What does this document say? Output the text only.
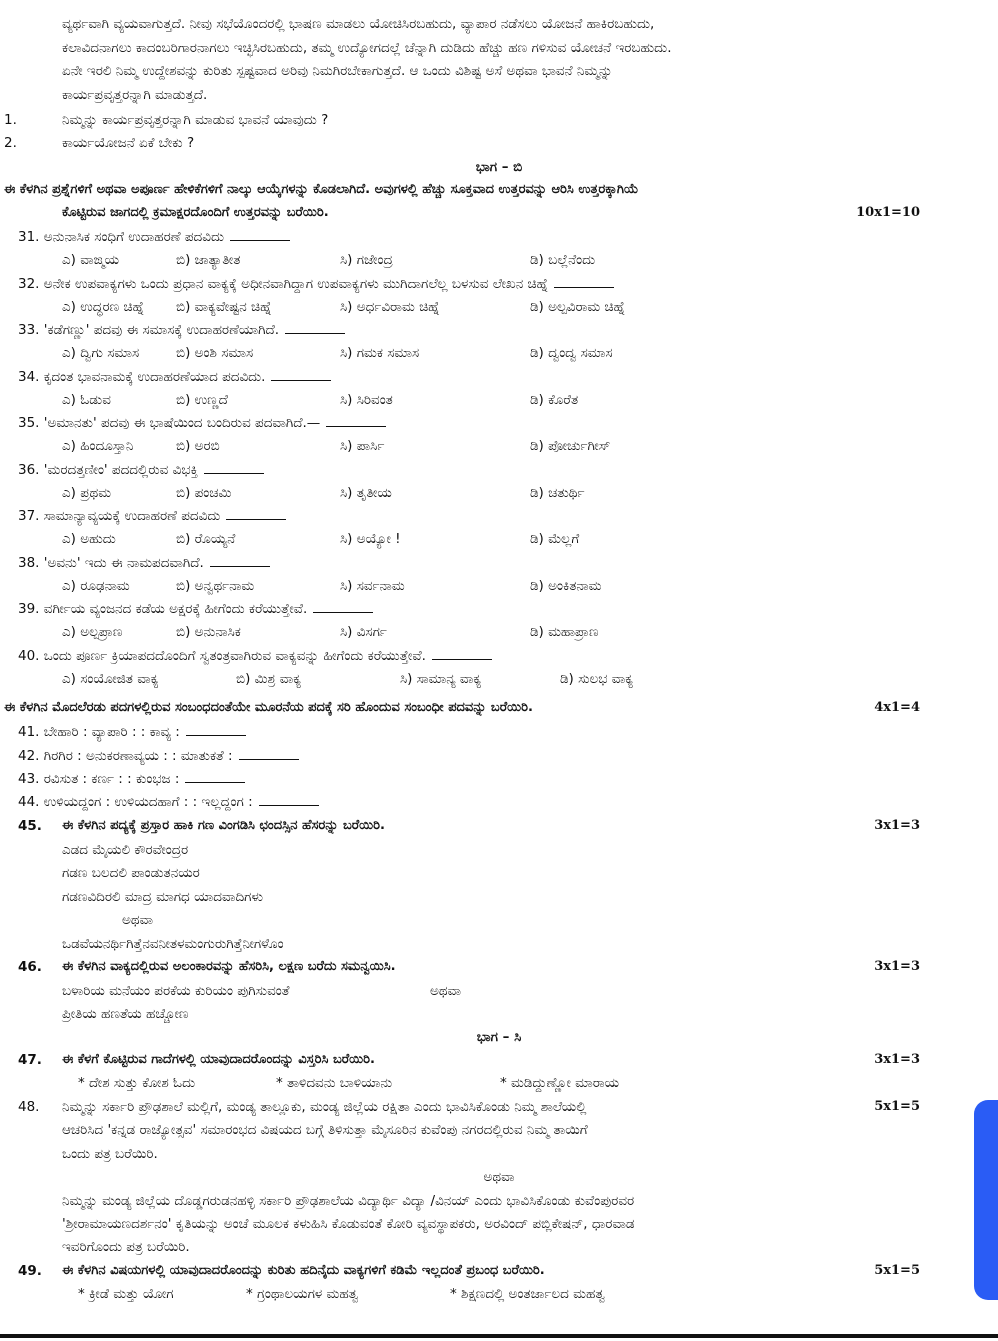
ವ್ಯರ್ಥವಾಗಿ ವ್ಯಯವಾಗುತ್ತದೆ. ನೀವು ಸಭೆಯೊಂದರಲ್ಲಿ ಭಾಷಣ ಮಾಡಲು ಯೋಚಿಸಿರಬಹುದು, ವ್ಯಾಪಾರ ನಡೆಸಲು ಯೋಜನೆ ಹಾಕಿರಬಹುದು,
ಕಲಾವಿದನಾಗಲು ಕಾದಂಬರಿಗಾರನಾಗಲು ಇಚ್ಛಿಸಿರಬಹುದು, ತಮ್ಮ ಉದ್ಯೋಗದಲ್ಲೆ ಚೆನ್ನಾಗಿ ದುಡಿದು ಹೆಚ್ಚು ಹಣ ಗಳಿಸುವ ಯೋಚನೆ ಇರಬಹುದು.
ಏನೇ ಇರಲಿ ನಿಮ್ಮ ಉದ್ದೇಶವನ್ನು ಕುರಿತು ಸ್ಪಷ್ಟವಾದ ಅರಿವು ನಿಮಗಿರಬೇಕಾಗುತ್ತದೆ. ಆ ಒಂದು ವಿಶಿಷ್ಟ ಅಸೆ ಅಥವಾ ಭಾವನೆ ನಿಮ್ಮನ್ನು
ಕಾರ್ಯಪ್ರವೃತ್ತರನ್ನಾಗಿ ಮಾಡುತ್ತದೆ.
1.	ನಿಮ್ಮನ್ನು ಕಾರ್ಯಪ್ರವೃತ್ತರನ್ನಾಗಿ ಮಾಡುವ ಭಾವನೆ ಯಾವುದು ?
2.	ಕಾರ್ಯಯೋಜನೆ ಏಕೆ ಬೇಕು ?
ಭಾಗ – ಬಿ
ಈ ಕೆಳಗಿನ ಪ್ರಶ್ನೆಗಳಿಗೆ ಅಥವಾ ಅಪೂರ್ಣ ಹೇಳಿಕೆಗಳಿಗೆ ನಾಲ್ಕು ಆಯ್ಕೆಗಳನ್ನು ಕೊಡಲಾಗಿದೆ. ಅವುಗಳಲ್ಲಿ ಹೆಚ್ಚು ಸೂಕ್ತವಾದ ಉತ್ತರವನ್ನು ಆರಿಸಿ ಉತ್ತರಕ್ಕಾಗಿಯೆ
ಕೊಟ್ಟಿರುವ ಜಾಗದಲ್ಲಿ ಕ್ರಮಾಕ್ಷರದೊಂದಿಗೆ ಉತ್ತರವನ್ನು ಬರೆಯಿರಿ.	10x1=10
31. ಅನುನಾಸಿಕ ಸಂಧಿಗೆ ಉದಾಹರಣೆ ಪದವಿದು
ಎ) ವಾಙ್ಮಯ	ಬಿ) ಜಾತ್ಯಾತೀತ	ಸಿ) ಗಜೇಂದ್ರ	ಡಿ) ಬಲ್ಲೆನೆಂದು
32. ಅನೇಕ ಉಪವಾಕ್ಯಗಳು ಒಂದು ಪ್ರಧಾನ ವಾಕ್ಯಕ್ಕೆ ಅಧೀನವಾಗಿದ್ದಾಗ ಉಪವಾಕ್ಯಗಳು ಮುಗಿದಾಗಲೆಲ್ಲ ಬಳಸುವ ಲೇಖನ ಚಿಹ್ನೆ
ಎ) ಉದ್ಧರಣ ಚಿಹ್ನೆ ಬಿ) ವಾಕ್ಯವೇಷ್ಟನ ಚಿಹ್ನೆ	ಸಿ) ಅರ್ಧವಿರಾಮ ಚಿಹ್ನೆ	ಡಿ) ಅಲ್ಪವಿರಾಮ ಚಿಹ್ನೆ
33. 'ಕಡೆಗಣ್ಣು' ಪದವು ಈ ಸಮಾಸಕ್ಕೆ ಉದಾಹರಣೆಯಾಗಿದೆ.
ಎ) ದ್ವಿಗು ಸಮಾಸ	ಬಿ) ಅಂಶಿ ಸಮಾಸ	ಸಿ) ಗಮಕ ಸಮಾಸ	ಡಿ) ದ್ವಂದ್ವ ಸಮಾಸ
34. ಕೃದಂತ ಭಾವನಾಮಕ್ಕೆ ಉದಾಹರಣೆಯಾದ ಪದವಿದು.
ಎ) ಓಡುವ	ಬಿ) ಉಣ್ಣದೆ	ಸಿ) ಸಿರಿವಂತ	ಡಿ) ಕೊರೆತ
35. 'ಅಮಾನತು' ಪದವು ಈ ಭಾಷೆಯಿಂದ ಬಂದಿರುವ ಪದವಾಗಿದೆ.—
ಎ) ಹಿಂದೂಸ್ತಾನಿ	ಬಿ) ಅರಬಿ	ಸಿ) ಪಾರ್ಸಿ	ಡಿ) ಪೋರ್ಚುಗೀಸ್
36. 'ಮರದತ್ತಣೀಂ' ಪದದಲ್ಲಿರುವ ವಿಭಕ್ತಿ
ಎ) ಪ್ರಥಮ	ಬಿ) ಪಂಚಮಿ	ಸಿ) ತೃತೀಯ	ಡಿ) ಚತುರ್ಥಿ
37. ಸಾಮಾನ್ಯಾವ್ಯಯಕ್ಕೆ ಉದಾಹರಣೆ ಪದವಿದು
ಎ) ಅಹುದು	ಬಿ) ರೊಯ್ಯನೆ	ಸಿ) ಅಯ್ಯೋ !	ಡಿ) ಮೆಲ್ಲಗೆ
38. 'ಅವನು' ಇದು ಈ ನಾಮಪದವಾಗಿದೆ.
ಎ) ರೂಢನಾಮ	ಬಿ) ಅನ್ವರ್ಥನಾಮ	ಸಿ) ಸರ್ವನಾಮ	ಡಿ) ಅಂಕಿತನಾಮ
39. ವರ್ಗೀಯ ವ್ಯಂಜನದ ಕಡೆಯ ಅಕ್ಷರಕ್ಕೆ ಹೀಗೆಂದು ಕರೆಯುತ್ತೇವೆ.
ಎ) ಅಲ್ಪಪ್ರಾಣ	ಬಿ) ಅನುನಾಸಿಕ	ಸಿ) ವಿಸರ್ಗ	ಡಿ) ಮಹಾಪ್ರಾಣ
40. ಒಂದು ಪೂರ್ಣ ಕ್ರಿಯಾಪದದೊಂದಿಗೆ ಸ್ವತಂತ್ರವಾಗಿರುವ ವಾಕ್ಯವನ್ನು ಹೀಗೆಂದು ಕರೆಯುತ್ತೇವೆ.
ಎ) ಸಂಯೋಜಿತ ವಾಕ್ಯ	ಬಿ) ಮಿಶ್ರ ವಾಕ್ಯ	ಸಿ) ಸಾಮಾನ್ಯ ವಾಕ್ಯ	ಡಿ) ಸುಲಭ ವಾಕ್ಯ
ಈ ಕೆಳಗಿನ ಮೊದಲೆರಡು ಪದಗಳಲ್ಲಿರುವ ಸಂಬಂಧದಂತೆಯೇ ಮೂರನೆಯ ಪದಕ್ಕೆ ಸರಿ ಹೊಂದುವ ಸಂಬಂಧೀ ಪದವನ್ನು ಬರೆಯಿರಿ.	4x1=4
41. ಬೇಹಾರಿ : ವ್ಯಾಪಾರಿ : : ಕಾವ್ಯ :
42. ಗಿರಗಿರ : ಅನುಕರಣಾವ್ಯಯ : : ಮಾತುಕತೆ :
43. ರವಿಸುತ : ಕರ್ಣ : : ಕುಂಭಜ :
44. ಉಳಿಯದ್ದಂಗ : ಉಳಿಯದಹಾಗೆ : : ಇಲ್ಲದ್ದಂಗ :
45. ಈ ಕೆಳಗಿನ ಪದ್ಯಕ್ಕೆ ಪ್ರಸ್ತಾರ ಹಾಕಿ ಗಣ ವಿಂಗಡಿಸಿ ಛಂದಸ್ಸಿನ ಹೆಸರನ್ನು ಬರೆಯಿರಿ.	3x1=3
ಎಡದ ಮೈಯಲಿ ಕೌರವೇಂದ್ರರ
ಗಡಣ ಬಲದಲಿ ಪಾಂಡುತನಯರ
ಗಡಣವಿದಿರಲಿ ಮಾದ್ರ ಮಾಗಧ ಯಾದವಾದಿಗಳು
ಅಥವಾ
ಒಡವೆಯನರ್ಥಿಗಿತ್ತೆನವನೀತಳಮಂಗುರುಗಿತ್ತೆನೀಗಳೊಂ
46. ಈ ಕೆಳಗಿನ ವಾಕ್ಯದಲ್ಲಿರುವ ಅಲಂಕಾರವನ್ನು ಹೆಸರಿಸಿ, ಲಕ್ಷಣ ಬರೆದು ಸಮನ್ವಯಿಸಿ.	3x1=3
ಬಳಾರಿಯ ಮನೆಯಂ ಪರಕೆಯ ಕುರಿಯಂ ಪುಗಿಸುವಂತೆ	ಅಥವಾ
ಪ್ರೀತಿಯ ಹಣತೆಯ ಹಚ್ಚೋಣ
ಭಾಗ – ಸಿ
47. ಈ ಕೆಳಗೆ ಕೊಟ್ಟಿರುವ ಗಾದೆಗಳಲ್ಲಿ ಯಾವುದಾದರೊಂದನ್ನು ವಿಸ್ತರಿಸಿ ಬರೆಯಿರಿ.	3x1=3
* ದೇಶ ಸುತ್ತು ಕೋಶ ಓದು	* ತಾಳಿದವನು ಬಾಳಿಯಾನು	* ಮಡಿದ್ದುಣ್ಣೋ ಮಾರಾಯ
48. ನಿಮ್ಮನ್ನು ಸರ್ಕಾರಿ ಪ್ರೌಢಶಾಲೆ ಮಲ್ಲಿಗೆ, ಮಂಡ್ಯ ತಾಲ್ಲೂಕು, ಮಂಡ್ಯ ಜಿಲ್ಲೆಯ ರಕ್ಷಿತಾ ಎಂದು ಭಾವಿಸಿಕೊಂಡು ನಿಮ್ಮ ಶಾಲೆಯಲ್ಲಿ	5x1=5
ಆಚರಿಸಿದ 'ಕನ್ನಡ ರಾಜ್ಯೋತ್ಸವ' ಸಮಾರಂಭದ ವಿಷಯದ ಬಗ್ಗೆ ತಿಳಿಸುತ್ತಾ ಮೈಸೂರಿನ ಕುವೆಂಪು ನಗರದಲ್ಲಿರುವ ನಿಮ್ಮ ತಾಯಿಗೆ
ಒಂದು ಪತ್ರ ಬರೆಯಿರಿ.
ಅಥವಾ
ನಿಮ್ಮನ್ನು ಮಂಡ್ಯ ಜಿಲ್ಲೆಯ ದೊಡ್ಡಗರುಡನಹಳ್ಳಿ ಸರ್ಕಾರಿ ಪ್ರೌಢಶಾಲೆಯ ವಿದ್ಯಾರ್ಥಿ ವಿದ್ಯಾ /ವಿನಯ್ ಎಂದು ಭಾವಿಸಿಕೊಂಡು ಕುವೆಂಪುರವರ
'ಶ್ರೀರಾಮಾಯಣದರ್ಶನಂ' ಕೃತಿಯನ್ನು ಅಂಚೆ ಮೂಲಕ ಕಳುಹಿಸಿ ಕೊಡುವಂತೆ ಕೋರಿ ವ್ಯವಸ್ಥಾಪಕರು, ಅರವಿಂದ್ ಪಬ್ಲಿಕೇಷನ್, ಧಾರವಾಡ
ಇವರಿಗೊಂದು ಪತ್ರ ಬರೆಯಿರಿ.
49. ಈ ಕೆಳಗಿನ ವಿಷಯಗಳಲ್ಲಿ ಯಾವುದಾದರೊಂದನ್ನು ಕುರಿತು ಹದಿನೈದು ವಾಕ್ಯಗಳಿಗೆ ಕಡಿಮೆ ಇಲ್ಲದಂತೆ ಪ್ರಬಂಧ ಬರೆಯಿರಿ.	5x1=5
* ಕ್ರೀಡೆ ಮತ್ತು ಯೋಗ	* ಗ್ರಂಥಾಲಯಗಳ ಮಹತ್ವ	* ಶಿಕ್ಷಣದಲ್ಲಿ ಅಂತರ್ಜಾಲದ ಮಹತ್ವ
